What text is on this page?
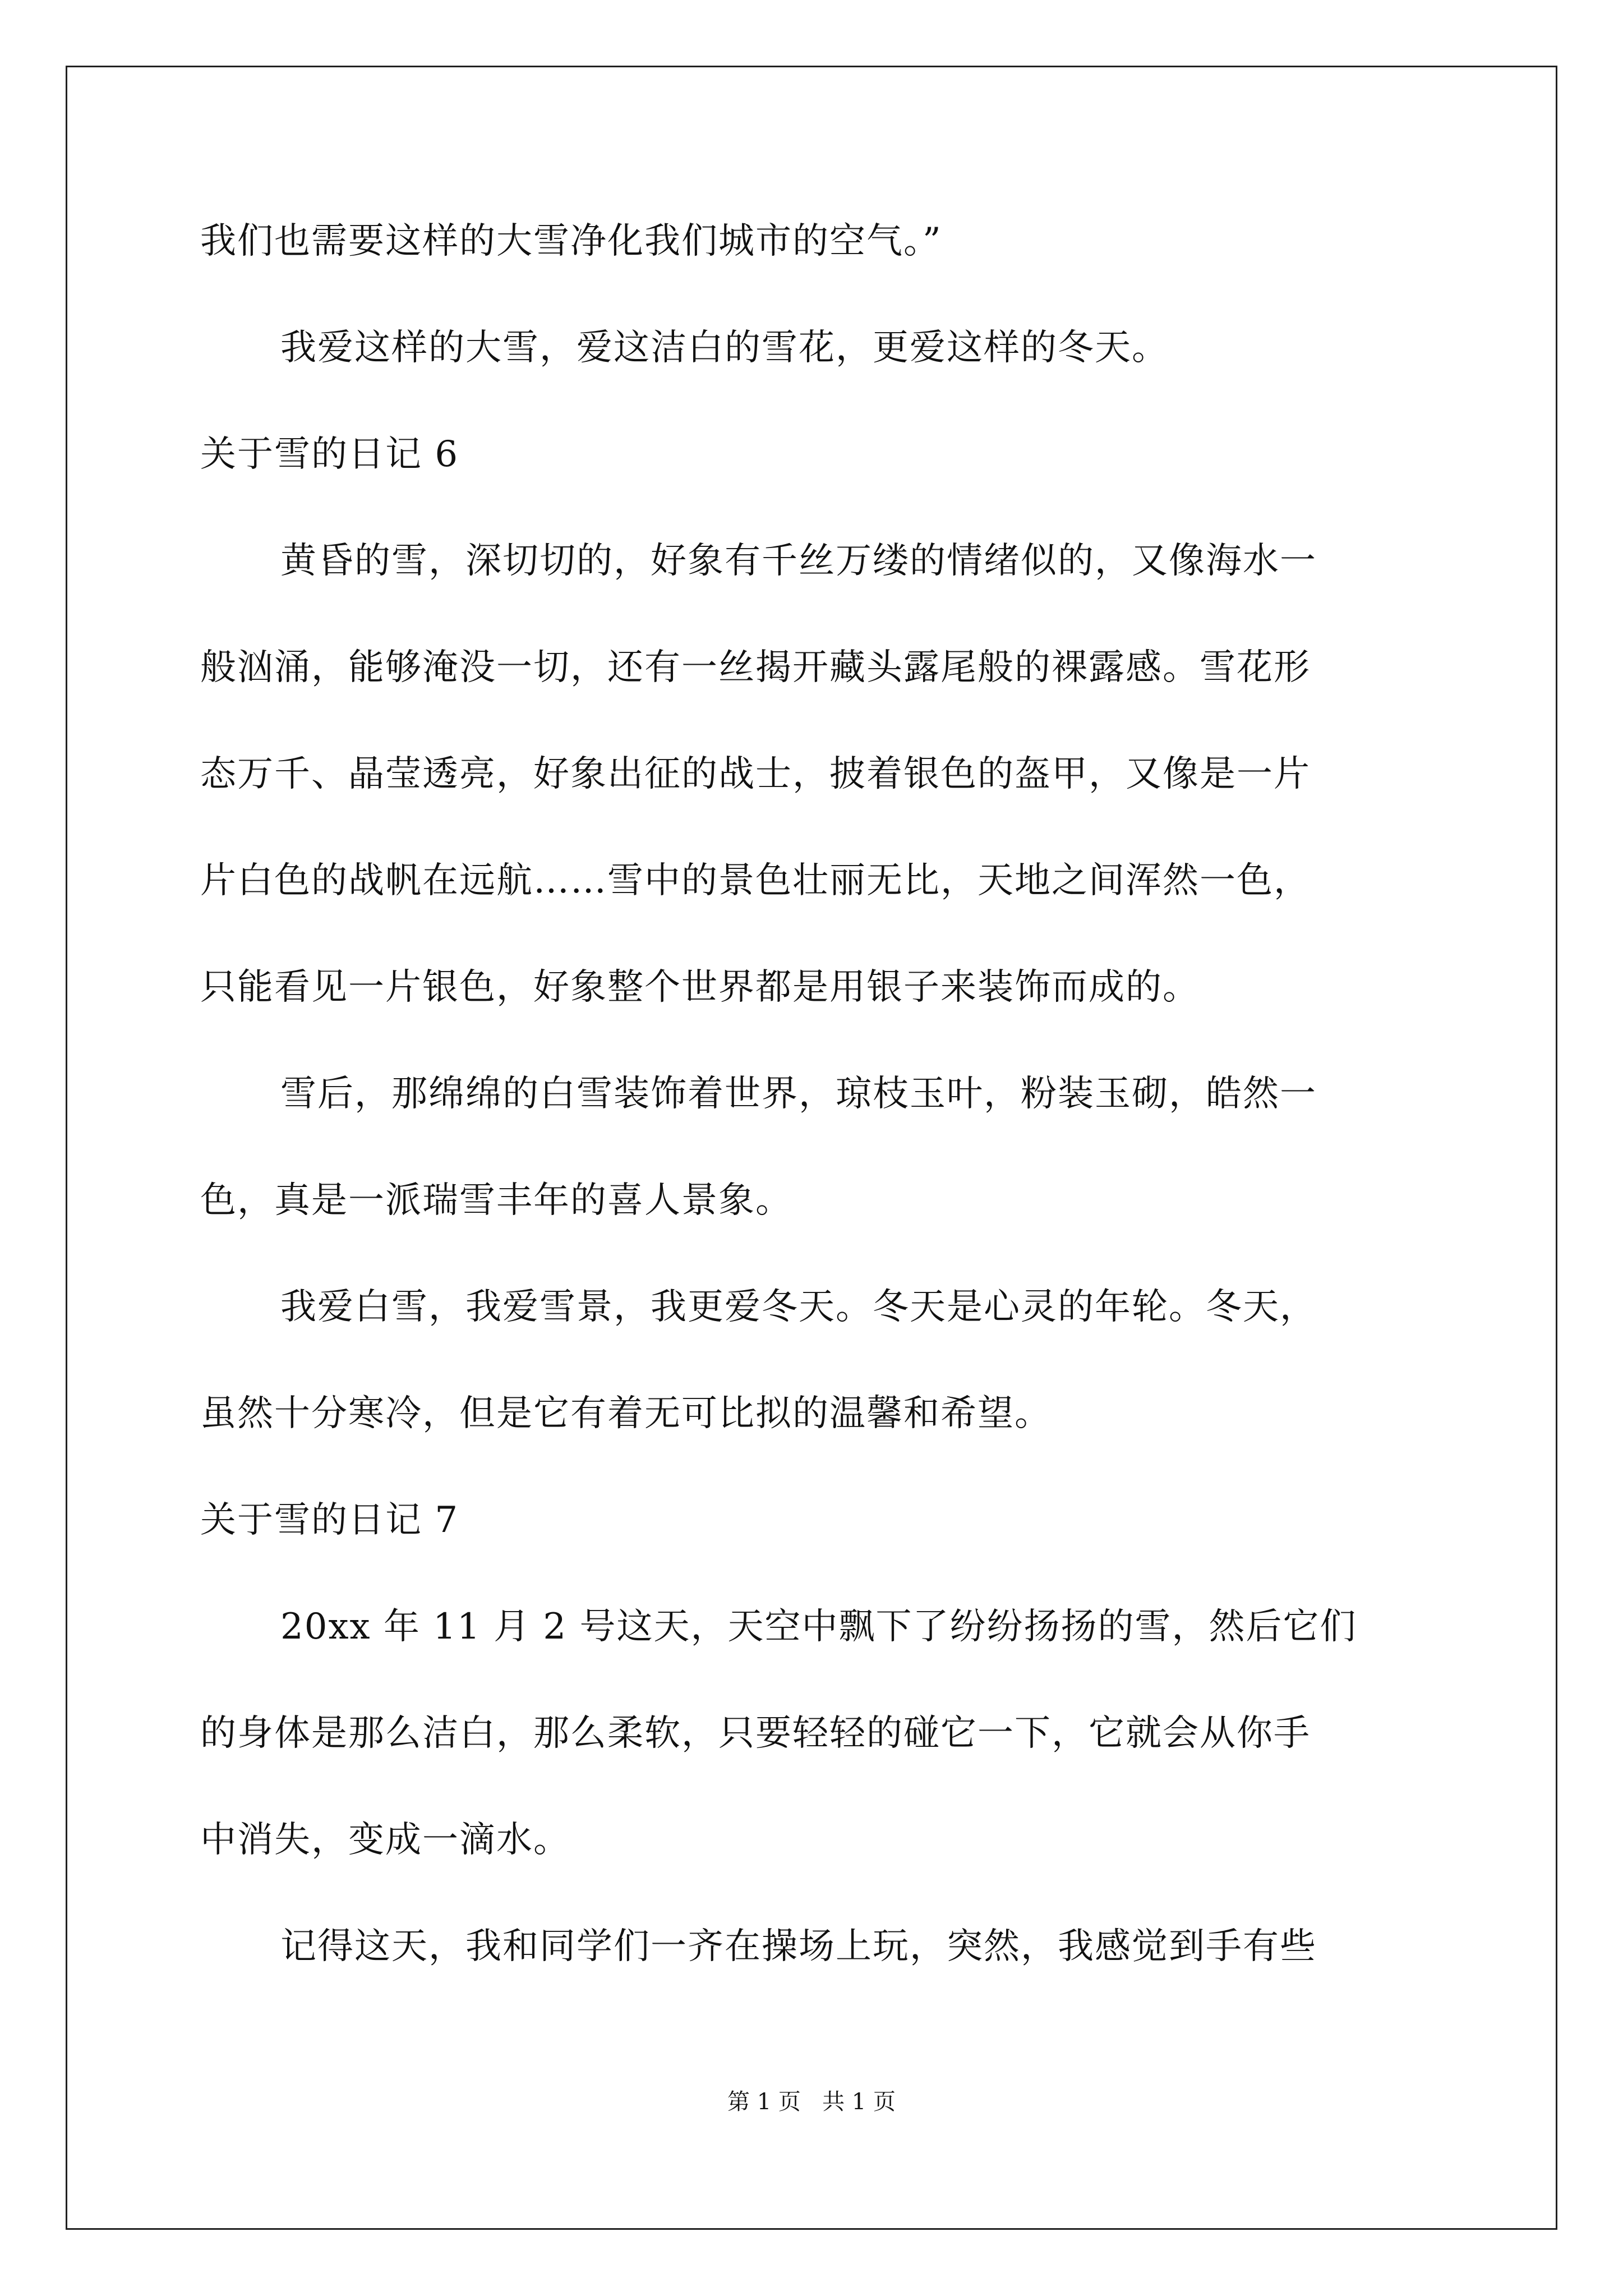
我们也需要这样的大雪净化我们城市的空气。”
我爱这样的大雪，爱这洁白的雪花，更爱这样的冬天。
关于雪的日记 6
黄昏的雪，深切切的，好象有千丝万缕的情绪似的，又像海水一
般汹涌，能够淹没一切，还有一丝揭开藏头露尾般的裸露感。雪花形
态万千、晶莹透亮，好象出征的战士，披着银色的盔甲，又像是一片
片白色的战帆在远航……雪中的景色壮丽无比，天地之间浑然一色，
只能看见一片银色，好象整个世界都是用银子来装饰而成的。
雪后，那绵绵的白雪装饰着世界，琼枝玉叶，粉装玉砌，皓然一
色，真是一派瑞雪丰年的喜人景象。
我爱白雪，我爱雪景，我更爱冬天。冬天是心灵的年轮。冬天，
虽然十分寒冷，但是它有着无可比拟的温馨和希望。
关于雪的日记 7
20xx 年 11 月 2 号这天，天空中飘下了纷纷扬扬的雪，然后它们
的身体是那么洁白，那么柔软，只要轻轻的碰它一下，它就会从你手
中消失，变成一滴水。
记得这天，我和同学们一齐在操场上玩，突然，我感觉到手有些
第 1 页   共 1 页
